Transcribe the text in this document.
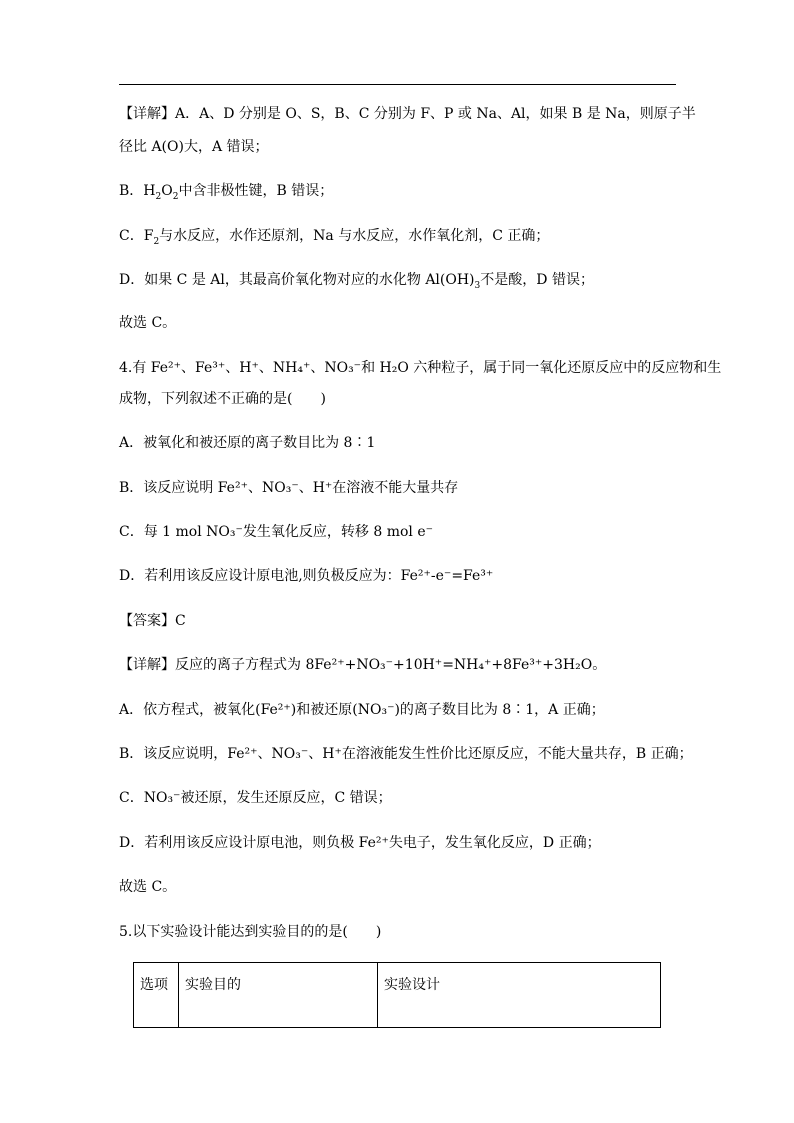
【详解】A．A、D 分别是 O、S，B、C 分别为 F、P 或 Na、Al，如果 B 是 Na，则原子半
径比 A(O)大，A 错误；
B．$H_2O_2$中含非极性键，B 错误；
C．$F_2$与水反应，水作还原剂，Na 与水反应，水作氧化剂，C 正确；
D．如果 C 是 Al，其最高价氧化物对应的水化物 $Al(OH)_3$不是酸，D 错误；
故选 C。
4.有 Fe²⁺、Fe³⁺、H⁺、NH₄⁺、NO₃⁻和 H₂O 六种粒子，属于同一氧化还原反应中的反应物和生
成物，下列叙述不正确的是(　　)
A．被氧化和被还原的离子数目比为 8∶1
B．该反应说明 Fe²⁺、NO₃⁻、H⁺在溶液不能大量共存
C．每 1 mol NO₃⁻发生氧化反应，转移 8 mol e⁻
D．若利用该反应设计原电池,则负极反应为：Fe²⁺-e⁻=Fe³⁺
【答案】C
【详解】反应的离子方程式为 8Fe²⁺+NO₃⁻+10H⁺=NH₄⁺+8Fe³⁺+3H₂O。
A．依方程式，被氧化(Fe²⁺)和被还原(NO₃⁻)的离子数目比为 8∶1，A 正确；
B．该反应说明，Fe²⁺、NO₃⁻、H⁺在溶液能发生性价比还原反应，不能大量共存，B 正确；
C．NO₃⁻被还原，发生还原反应，C 错误；
D．若利用该反应设计原电池，则负极 Fe²⁺失电子，发生氧化反应，D 正确；
故选 C。
5.以下实验设计能达到实验目的的是(　　)
选项	实验目的	实验设计
